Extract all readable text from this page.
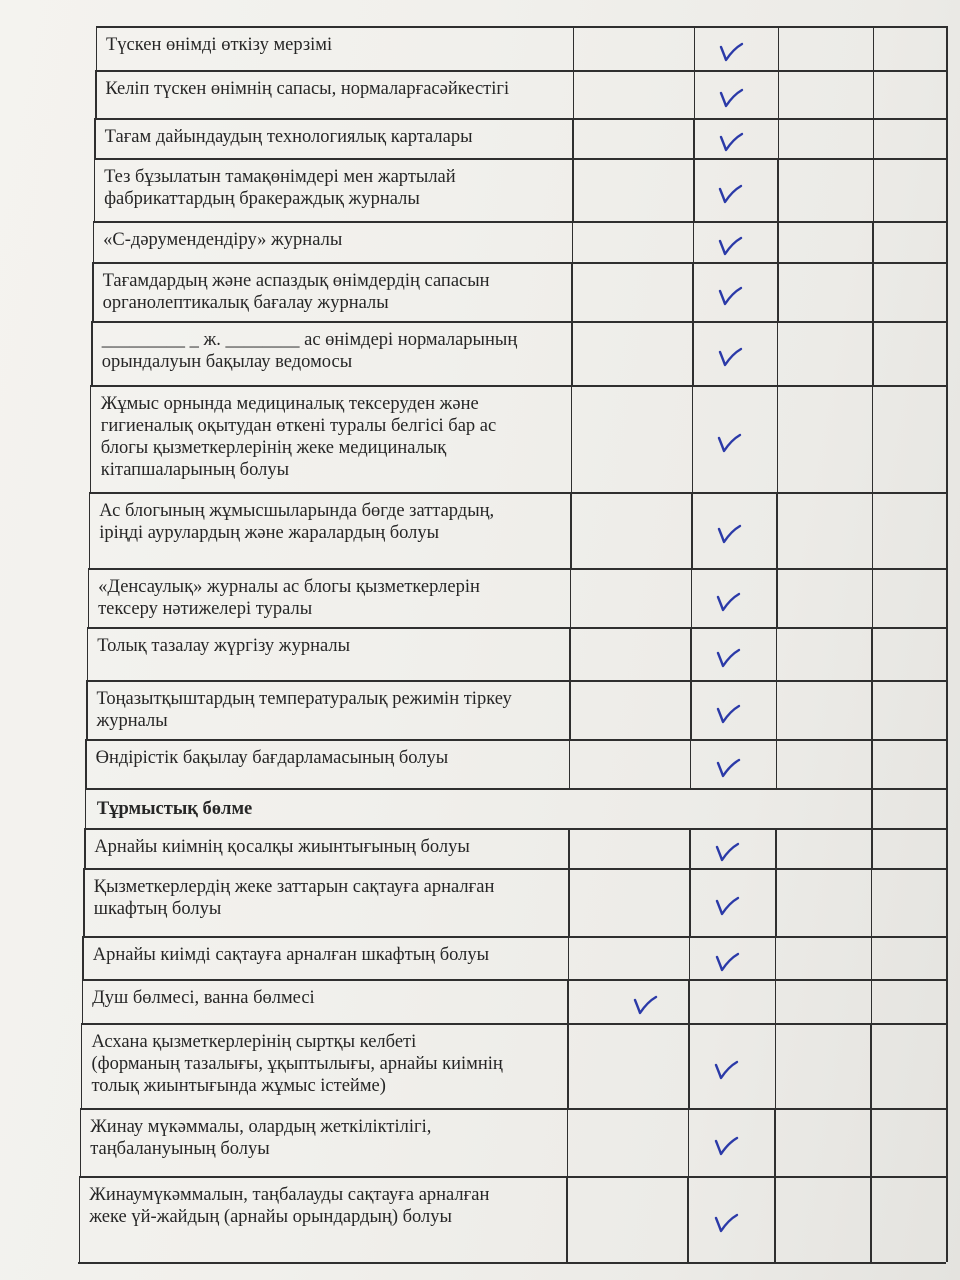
Түскен өнімді өткізу мерзімі
Келіп түскен өнімнің сапасы, нормаларғасәйкестігі
Тағам дайындаудың технологиялық карталары
Тез бұзылатын тамақөнімдері мен жартылай
фабрикаттардың бракераждық журналы
«С-дәрумендендіру» журналы
Тағамдардың және аспаздық өнімдердің сапасын
органолептикалық бағалау журналы
_________ _ ж. ________ ас өнімдері нормаларының
орындалуын бақылау ведомосы
Жұмыс орнында медициналық тексеруден және
гигиеналық оқытудан өткені туралы белгісі бар ас
блогы қызметкерлерінің жеке медициналық
кітапшаларының болуы
Ас блогының жұмысшыларында бөгде заттардың,
іріңді аурулардың және жаралардың болуы
«Денсаулық» журналы ас блогы қызметкерлерін
тексеру нәтижелері туралы
Толық тазалау жүргізу журналы
Тоңазытқыштардың температуралық режимін тіркеу
журналы
Өндірістік бақылау бағдарламасының болуы
Арнайы киімнің қосалқы жиынтығының болуы
Қызметкерлердің жеке заттарын сақтауға арналған
шкафтың болуы
Арнайы киімді сақтауға арналған шкафтың болуы
Душ бөлмесі, ванна бөлмесі
Асхана қызметкерлерінің сыртқы келбеті
(форманың тазалығы, ұқыптылығы, арнайы киімнің
толық жиынтығында жұмыс істейме)
Жинау мүкәммалы, олардың жеткіліктілігі,
таңбалануының болуы
Жинаумүкәммалын, таңбалауды сақтауға арналған
жеке үй-жайдың (арнайы орындардың) болуы
Тұрмыстық бөлме
